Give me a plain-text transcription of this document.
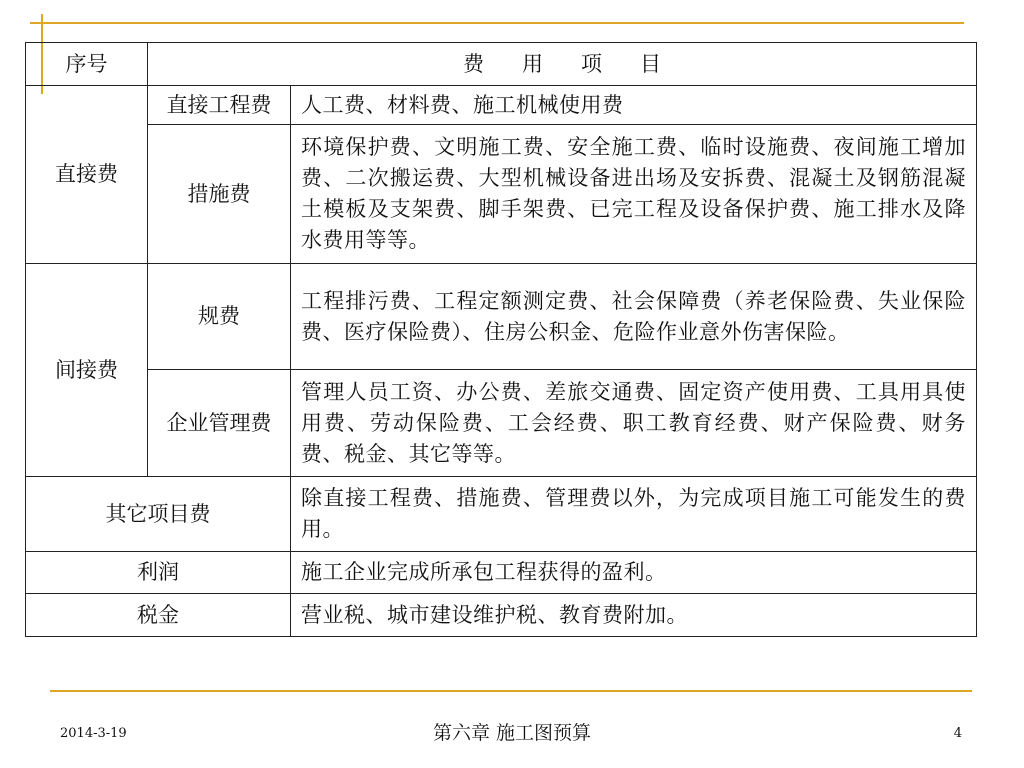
序号	费用项目	
直接费	直接工程费	人工费、材料费、施工机械使用费
	措施费	环境保护费、文明施工费、安全施工费、临时设施费、夜间施工增加费、二次搬运费、大型机械设备进出场及安拆费、混凝土及钢筋混凝土模板及支架费、脚手架费、已完工程及设备保护费、施工排水及降水费用等等。
间接费	规费	工程排污费、工程定额测定费、社会保障费（养老保险费、失业保险费、医疗保险费）、住房公积金、危险作业意外伤害保险。
	企业管理费	管理人员工资、办公费、差旅交通费、固定资产使用费、工具用具使用费、劳动保险费、工会经费、职工教育经费、财产保险费、财务费、税金、其它等等。
其它项目费		除直接工程费、措施费、管理费以外，为完成项目施工可能发生的费用。
利润		施工企业完成所承包工程获得的盈利。
税金		营业税、城市建设维护税、教育费附加。
2014-3-19	第六章 施工图预算	4
